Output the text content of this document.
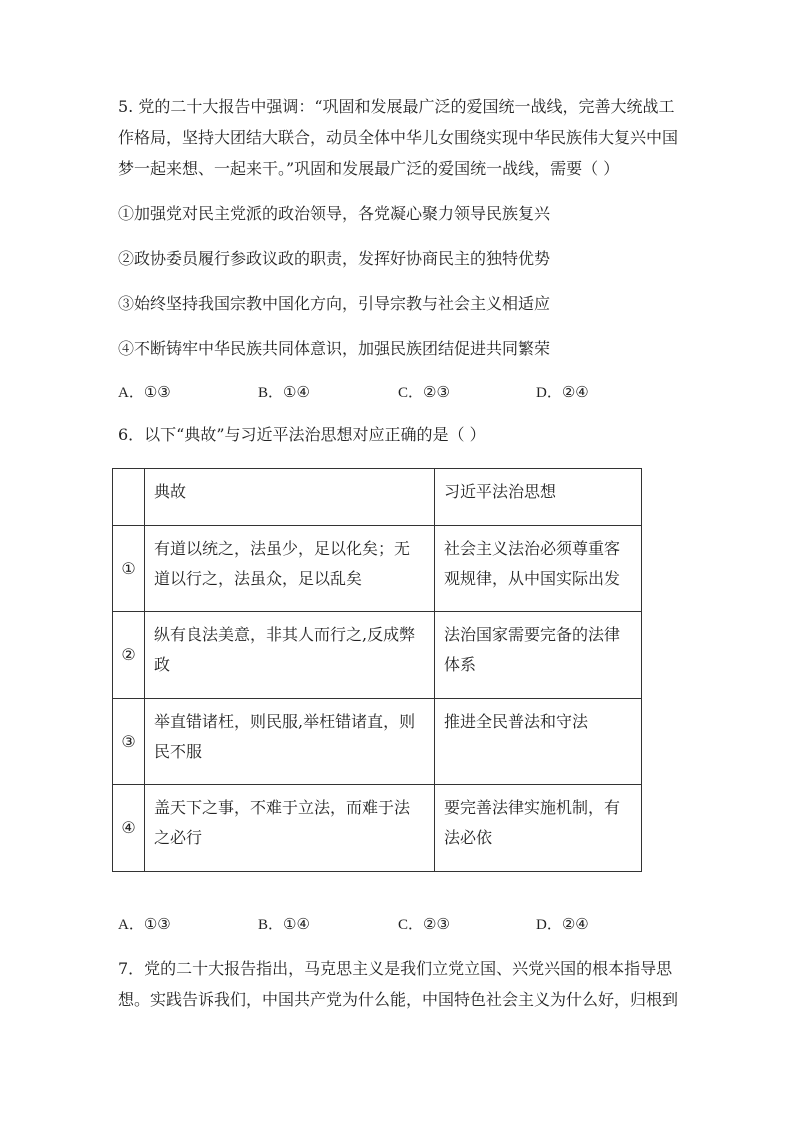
5. 党的二十大报告中强调：“巩固和发展最广泛的爱国统一战线，完善大统战工作格局，坚持大团结大联合，动员全体中华儿女围绕实现中华民族伟大复兴中国梦一起来想、一起来干。”巩固和发展最广泛的爱国统一战线，需要（ ）

①加强党对民主党派的政治领导，各党凝心聚力领导民族复兴
②政协委员履行参政议政的职责，发挥好协商民主的独特优势
③始终坚持我国宗教中国化方向，引导宗教与社会主义相适应
④不断铸牢中华民族共同体意识，加强民族团结促进共同繁荣
A．①③	B．①④	C．②③	D．②④
6．以下“典故”与习近平法治思想对应正确的是（ ）
	典故	习近平法治思想
①	有道以统之，法虽少，足以化矣；无道以行之，法虽众，足以乱矣	社会主义法治必须尊重客观规律，从中国实际出发
②	纵有良法美意，非其人而行之,反成弊政	法治国家需要完备的法律体系
③	举直错诸枉，则民服,举枉错诸直，则民不服	推进全民普法和守法
④	盖天下之事，不难于立法，而难于法之必行	要完善法律实施机制，有法必依
A．①③	B．①④	C．②③	D．②④

7．党的二十大报告指出，马克思主义是我们立党立国、兴党兴国的根本指导思想。实践告诉我们，中国共产党为什么能，中国特色社会主义为什么好，归根到
